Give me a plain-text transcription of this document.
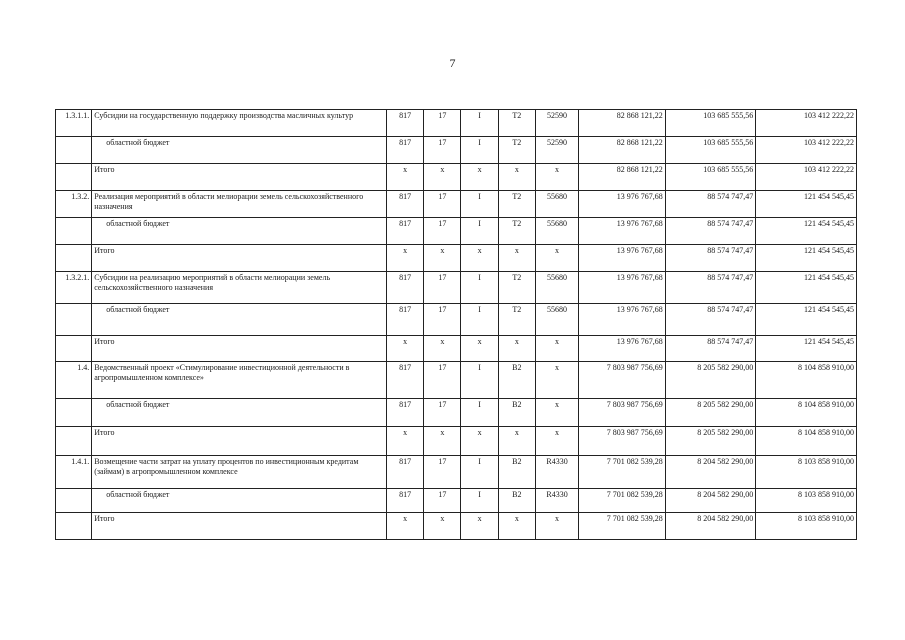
7
1.3.1.1.	Субсидии на государственную поддержку производства масличных культур	817	17	I	T2	52590	82 868 121,22	103 685 555,56	103 412 222,22
	областной бюджет	817	17	I	T2	52590	82 868 121,22	103 685 555,56	103 412 222,22
	Итого	x	x	x	x	x	82 868 121,22	103 685 555,56	103 412 222,22
1.3.2.	Реализация мероприятий в области мелиорации земель сельскохозяйственного назначения	817	17	I	T2	55680	13 976 767,68	88 574 747,47	121 454 545,45
	областной бюджет	817	17	I	T2	55680	13 976 767,68	88 574 747,47	121 454 545,45
	Итого	x	x	x	x	x	13 976 767,68	88 574 747,47	121 454 545,45
1.3.2.1.	Субсидии на реализацию мероприятий в области мелиорации земель сельскохозяйственного назначения	817	17	I	T2	55680	13 976 767,68	88 574 747,47	121 454 545,45
	областной бюджет	817	17	I	T2	55680	13 976 767,68	88 574 747,47	121 454 545,45
	Итого	x	x	x	x	x	13 976 767,68	88 574 747,47	121 454 545,45
1.4.	Ведомственный проект «Стимулирование инвестиционной деятельности в агропромышленном комплексе»	817	17	I	B2	x	7 803 987 756,69	8 205 582 290,00	8 104 858 910,00
	областной бюджет	817	17	I	B2	x	7 803 987 756,69	8 205 582 290,00	8 104 858 910,00
	Итого	x	x	x	x	x	7 803 987 756,69	8 205 582 290,00	8 104 858 910,00
1.4.1.	Возмещение части затрат на уплату процентов по инвестиционным кредитам (займам) в агропромышленном комплексе	817	17	I	B2	R4330	7 701 082 539,28	8 204 582 290,00	8 103 858 910,00
	областной бюджет	817	17	I	B2	R4330	7 701 082 539,28	8 204 582 290,00	8 103 858 910,00
	Итого	x	x	x	x	x	7 701 082 539,28	8 204 582 290,00	8 103 858 910,00
